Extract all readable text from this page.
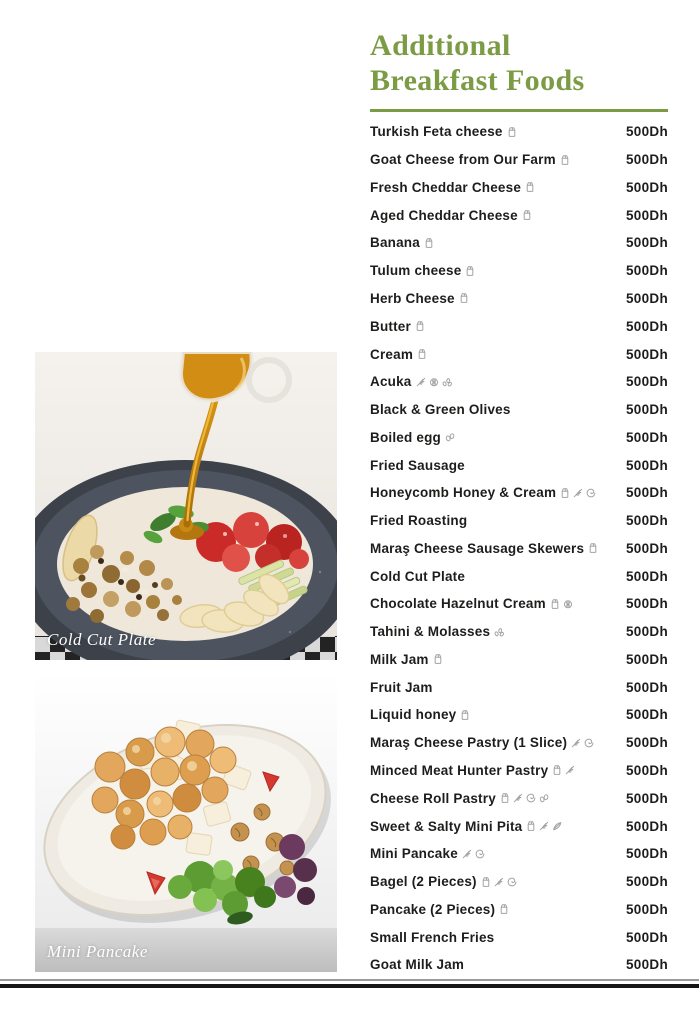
Cold Cut Plate
Mini Pancake
Additional
Breakfast Foods
Turkish Feta cheese	500Dh
Goat Cheese from Our Farm	500Dh
Fresh Cheddar Cheese	500Dh
Aged Cheddar Cheese	500Dh
Banana	500Dh
Tulum cheese	500Dh
Herb Cheese	500Dh
Butter	500Dh
Cream	500Dh
Acuka	500Dh
Black & Green Olives	500Dh
Boiled egg	500Dh
Fried Sausage	500Dh
Honeycomb Honey & Cream	500Dh
Fried Roasting	500Dh
Maraş Cheese Sausage Skewers	500Dh
Cold Cut Plate	500Dh
Chocolate Hazelnut Cream	500Dh
Tahini & Molasses	500Dh
Milk Jam	500Dh
Fruit Jam	500Dh
Liquid honey	500Dh
Maraş Cheese Pastry (1 Slice)	500Dh
Minced Meat Hunter Pastry	500Dh
Cheese Roll Pastry	500Dh
Sweet & Salty Mini Pita	500Dh
Mini Pancake	500Dh
Bagel (2 Pieces)	500Dh
Pancake (2 Pieces)	500Dh
Small French Fries	500Dh
Goat Milk Jam	500Dh
